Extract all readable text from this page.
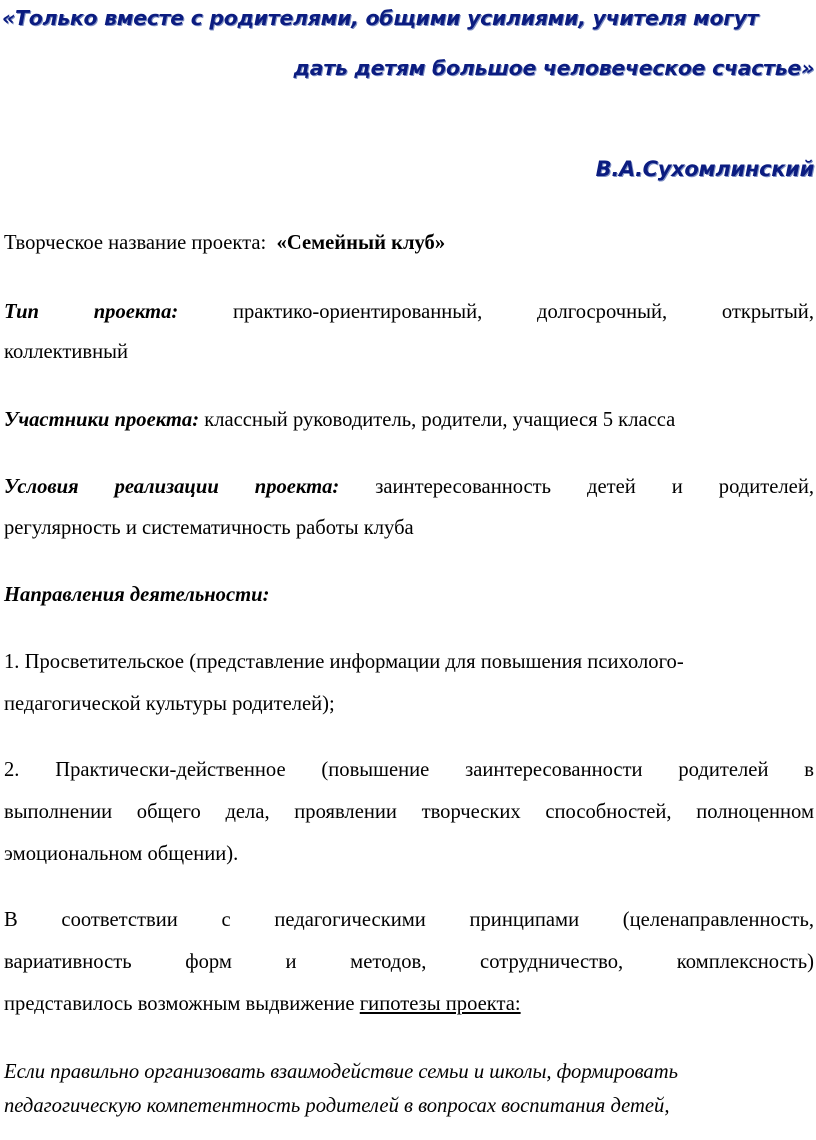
«Только вместе с родителями, общими усилиями, учителя могут
дать детям большое человеческое счастье»
В.А.Сухомлинский
Творческое название проекта: «Семейный клуб»
Тип проекта:	практико-ориентированный,	долгосрочный,	открытый,
коллективный
Участники проекта: классный руководитель, родители, учащиеся 5 класса
Условия реализации проекта: заинтересованность детей и родителей,
регулярность и систематичность работы клуба
Направления деятельности:
1. Просветительское (представление информации для повышения психолого-
педагогической культуры родителей);
2. Практически-действенное (повышение заинтересованности родителей в
выполнении общего дела, проявлении творческих способностей, полноценном
эмоциональном общении).
В соответствии с педагогическими принципами (целенаправленность,
вариативность форм и методов, сотрудничество, комплексность)
представилось возможным выдвижение гипотезы проекта:
Если правильно организовать взаимодействие семьи и школы, формировать
педагогическую компетентность родителей в вопросах воспитания детей,
